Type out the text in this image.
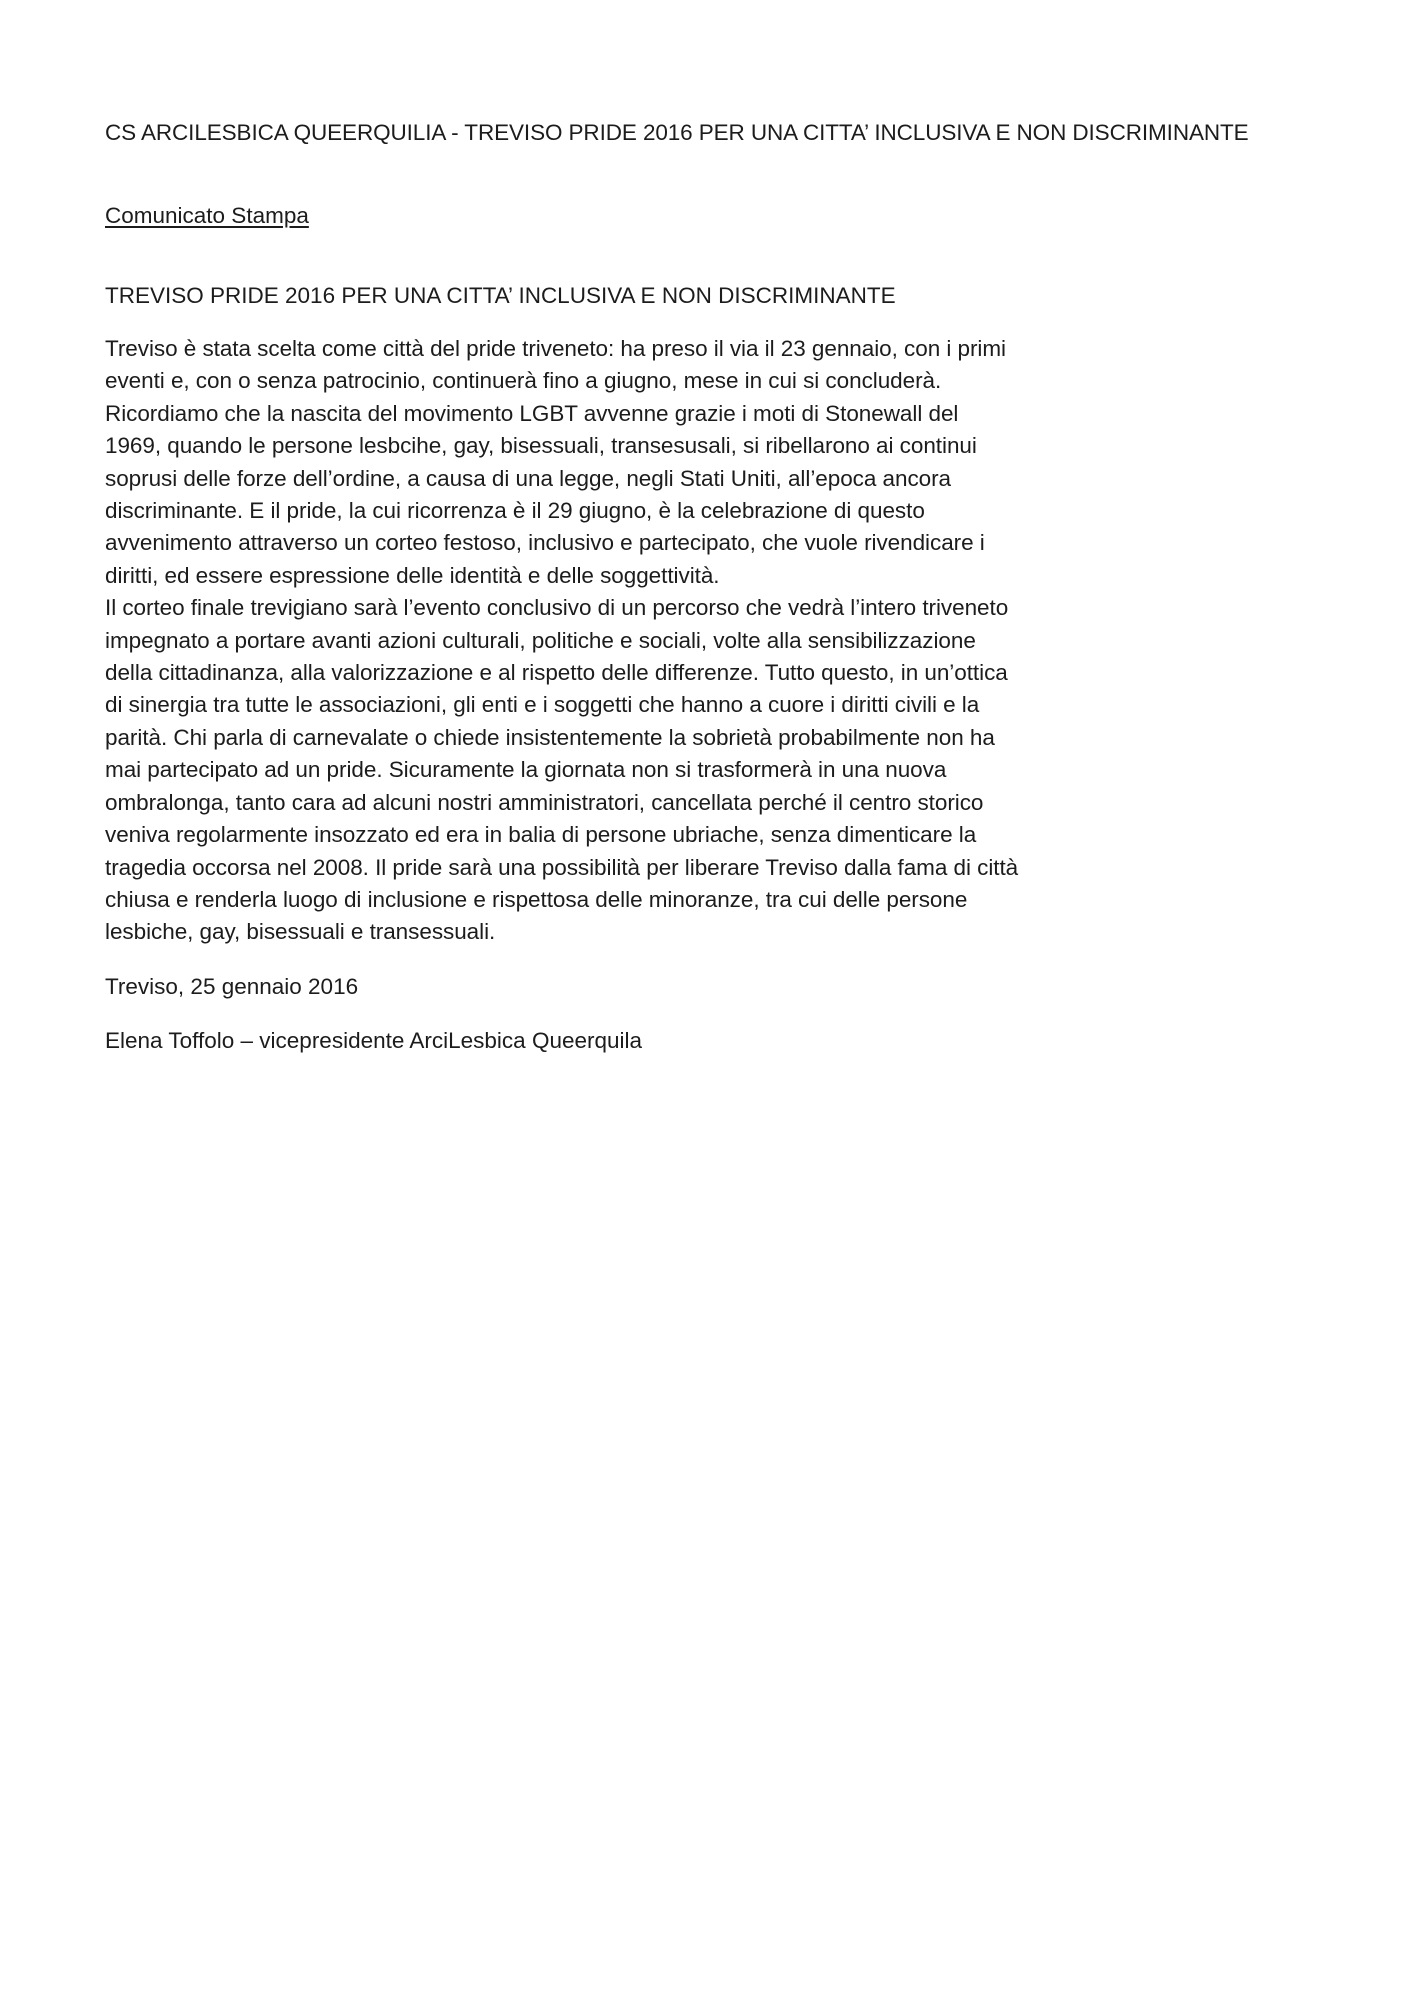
CS ARCILESBICA QUEERQUILIA - TREVISO PRIDE 2016 PER UNA CITTA’ INCLUSIVA E NON DISCRIMINANTE
Comunicato Stampa
TREVISO PRIDE 2016 PER UNA CITTA’ INCLUSIVA E NON DISCRIMINANTE

Treviso è stata scelta come città del pride triveneto: ha preso il via il 23 gennaio, con i primi eventi e, con o senza patrocinio, continuerà fino a giugno, mese in cui si concluderà.

Ricordiamo che la nascita del movimento LGBT avvenne grazie i moti di Stonewall del 1969, quando le persone lesbcihe, gay, bisessuali, transesusali, si ribellarono ai continui soprusi delle forze dell’ordine, a causa di una legge, negli Stati Uniti, all’epoca ancora discriminante. E il pride, la cui ricorrenza è il 29 giugno, è la celebrazione di questo avvenimento attraverso un corteo festoso, inclusivo e partecipato, che vuole rivendicare i diritti, ed essere espressione delle identità e delle soggettività.

Il corteo finale trevigiano sarà l’evento conclusivo di un percorso che vedrà l’intero triveneto impegnato a portare avanti azioni culturali, politiche e sociali, volte alla sensibilizzazione della cittadinanza, alla valorizzazione e al rispetto delle differenze. Tutto questo, in un’ottica di sinergia tra tutte le associazioni, gli enti e i soggetti che hanno a cuore i diritti civili e la parità. Chi parla di carnevalate o chiede insistentemente la sobrietà probabilmente non ha mai partecipato ad un pride. Sicuramente la giornata non si trasformerà in una nuova ombralonga, tanto cara ad alcuni nostri amministratori, cancellata perché il centro storico veniva regolarmente insozzato ed era in balia di persone ubriache, senza dimenticare la tragedia occorsa nel 2008. Il pride sarà una possibilità per liberare Treviso dalla fama di città chiusa e renderla luogo di inclusione e rispettosa delle minoranze, tra cui delle persone lesbiche, gay, bisessuali e transessuali.

Treviso, 25 gennaio 2016

Elena Toffolo – vicepresidente ArciLesbica Queerquila
